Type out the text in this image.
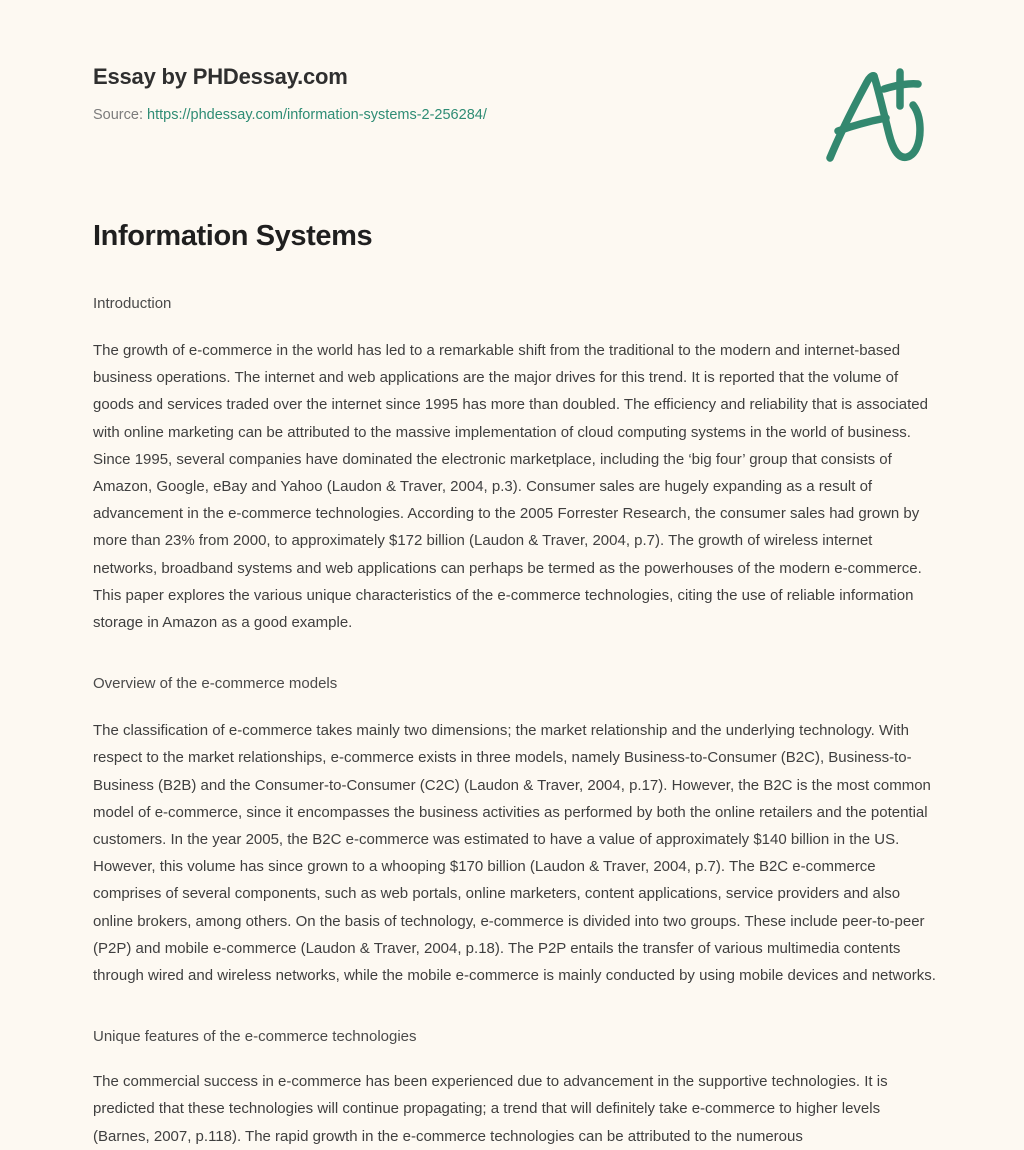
Essay by PHDessay.com
Source: https://phdessay.com/information-systems-2-256284/
Information Systems
Introduction

The growth of e-commerce in the world has led to a remarkable shift from the traditional to the modern and internet-based business operations. The internet and web applications are the major drives for this trend. It is reported that the volume of goods and services traded over the internet since 1995 has more than doubled. The efficiency and reliability that is associated with online marketing can be attributed to the massive implementation of cloud computing systems in the world of business. Since 1995, several companies have dominated the electronic marketplace, including the ‘big four’ group that consists of Amazon, Google, eBay and Yahoo (Laudon & Traver, 2004, p.3). Consumer sales are hugely expanding as a result of advancement in the e-commerce technologies. According to the 2005 Forrester Research, the consumer sales had grown by more than 23% from 2000, to approximately $172 billion (Laudon & Traver, 2004, p.7). The growth of wireless internet networks, broadband systems and web applications can perhaps be termed as the powerhouses of the modern e-commerce. This paper explores the various unique characteristics of the e-commerce technologies, citing the use of reliable information storage in Amazon as a good example.

Overview of the e-commerce models

The classification of e-commerce takes mainly two dimensions; the market relationship and the underlying technology. With respect to the market relationships, e-commerce exists in three models, namely Business-to-Consumer (B2C), Business-to-Business (B2B) and the Consumer-to-Consumer (C2C) (Laudon & Traver, 2004, p.17). However, the B2C is the most common model of e-commerce, since it encompasses the business activities as performed by both the online retailers and the potential customers. In the year 2005, the B2C e-commerce was estimated to have a value of approximately $140 billion in the US. However, this volume has since grown to a whooping $170 billion (Laudon & Traver, 2004, p.7). The B2C e-commerce comprises of several components, such as web portals, online marketers, content applications, service providers and also online brokers, among others. On the basis of technology, e-commerce is divided into two groups. These include peer-to-peer (P2P) and mobile e-commerce (Laudon & Traver, 2004, p.18). The P2P entails the transfer of various multimedia contents through wired and wireless networks, while the mobile e-commerce is mainly conducted by using mobile devices and networks.

Unique features of the e-commerce technologies

The commercial success in e-commerce has been experienced due to advancement in the supportive technologies. It is predicted that these technologies will continue propagating; a trend that will definitely take e-commerce to higher levels (Barnes, 2007, p.118). The rapid growth in the e-commerce technologies can be attributed to the numerous
